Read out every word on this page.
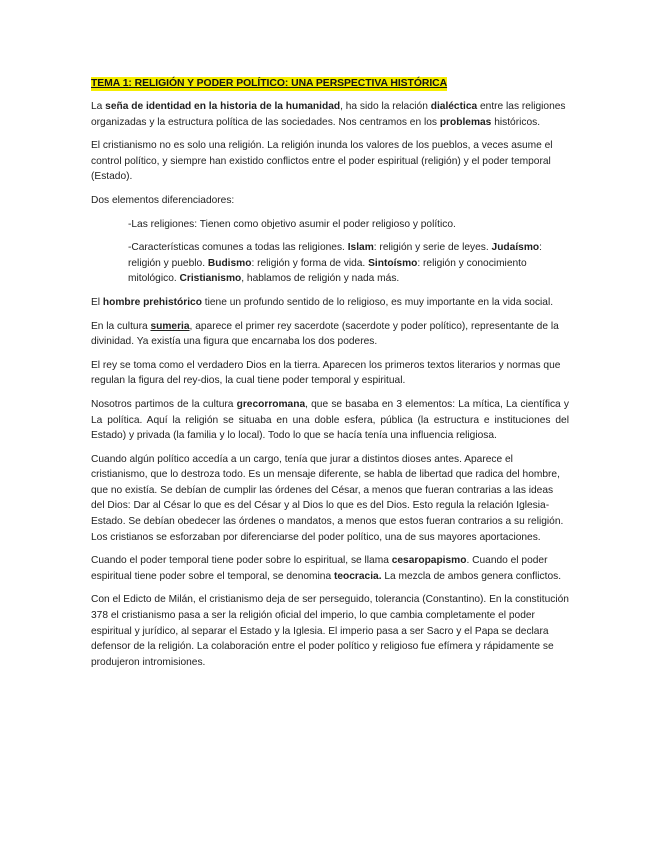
TEMA 1: RELIGIÓN Y PODER POLÍTICO: UNA PERSPECTIVA HISTÓRICA

La seña de identidad en la historia de la humanidad, ha sido la relación dialéctica entre las religiones organizadas y la estructura política de las sociedades. Nos centramos en los problemas históricos.

El cristianismo no es solo una religión. La religión inunda los valores de los pueblos, a veces asume el control político, y siempre han existido conflictos entre el poder espiritual (religión) y el poder temporal (Estado).

Dos elementos diferenciadores:

-Las religiones: Tienen como objetivo asumir el poder religioso y político.

-Características comunes a todas las religiones. Islam: religión y serie de leyes. Judaísmo: religión y pueblo. Budismo: religión y forma de vida. Sintoísmo: religión y conocimiento mitológico. Cristianismo, hablamos de religión y nada más.

El hombre prehistórico tiene un profundo sentido de lo religioso, es muy importante en la vida social.

En la cultura sumeria, aparece el primer rey sacerdote (sacerdote y poder político), representante de la divinidad. Ya existía una figura que encarnaba los dos poderes.

El rey se toma como el verdadero Dios en la tierra. Aparecen los primeros textos literarios y normas que regulan la figura del rey-dios, la cual tiene poder temporal y espiritual.

Nosotros partimos de la cultura grecorromana, que se basaba en 3 elementos: La mítica, La científica y La política. Aquí la religión se situaba en una doble esfera, pública (la estructura e instituciones del Estado) y privada (la familia y lo local). Todo lo que se hacía tenía una influencia religiosa.

Cuando algún político accedía a un cargo, tenía que jurar a distintos dioses antes. Aparece el cristianismo, que lo destroza todo. Es un mensaje diferente, se habla de libertad que radica del hombre, que no existía. Se debían de cumplir las órdenes del César, a menos que fueran contrarias a las ideas del Dios: Dar al César lo que es del César y al Dios lo que es del Dios. Esto regula la relación Iglesia-Estado. Se debían obedecer las órdenes o mandatos, a menos que estos fueran contrarios a su religión. Los cristianos se esforzaban por diferenciarse del poder político, una de sus mayores aportaciones.

Cuando el poder temporal tiene poder sobre lo espiritual, se llama cesaropapismo. Cuando el poder espiritual tiene poder sobre el temporal, se denomina teocracia. La mezcla de ambos genera conflictos.

Con el Edicto de Milán, el cristianismo deja de ser perseguido, tolerancia (Constantino). En la constitución 378 el cristianismo pasa a ser la religión oficial del imperio, lo que cambia completamente el poder espiritual y jurídico, al separar el Estado y la Iglesia. El imperio pasa a ser Sacro y el Papa se declara defensor de la religión. La colaboración entre el poder político y religioso fue efímera y rápidamente se produjeron intromisiones.
